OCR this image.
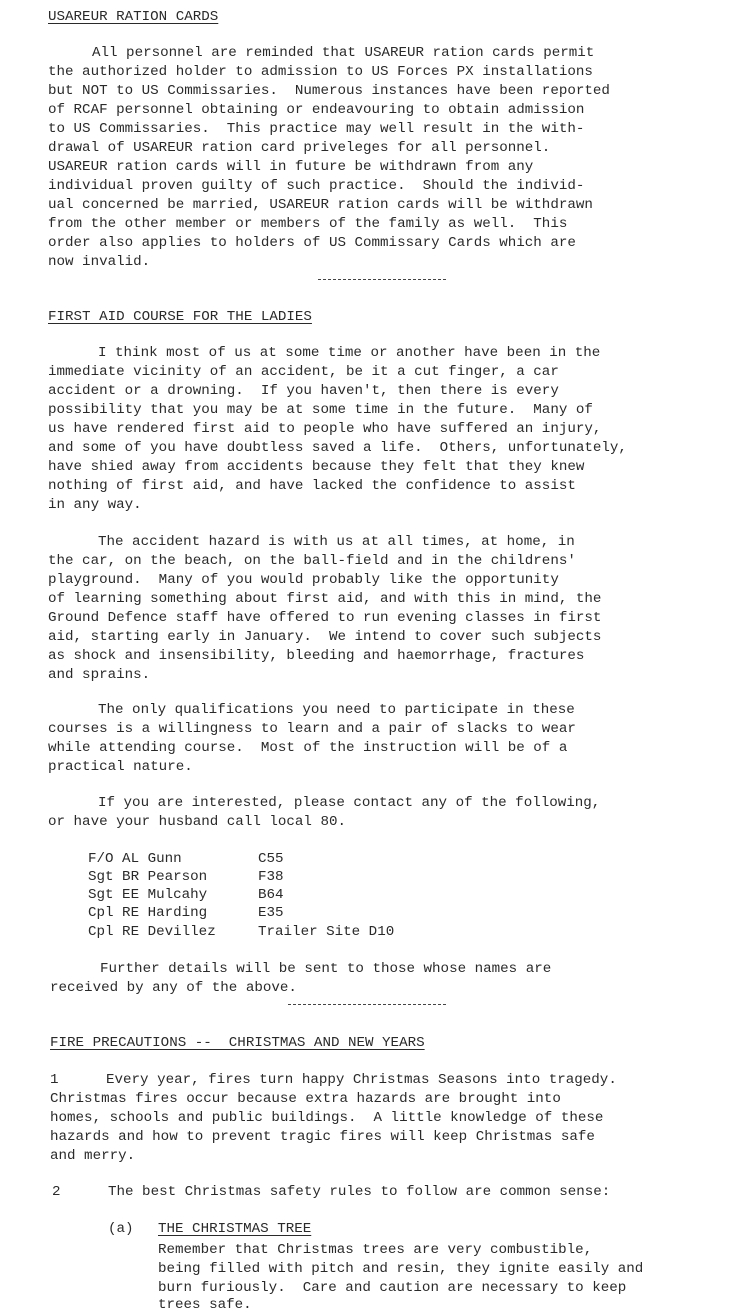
USAREUR RATION CARDS
All personnel are reminded that USAREUR ration cards permit
the authorized holder to admission to US Forces PX installations
but NOT to US Commissaries.  Numerous instances have been reported
of RCAF personnel obtaining or endeavouring to obtain admission
to US Commissaries.  This practice may well result in the with-
drawal of USAREUR ration card priveleges for all personnel.
USAREUR ration cards will in future be withdrawn from any
individual proven guilty of such practice.  Should the individ-
ual concerned be married, USAREUR ration cards will be withdrawn
from the other member or members of the family as well.  This
order also applies to holders of US Commissary Cards which are
now invalid.
FIRST AID COURSE FOR THE LADIES
I think most of us at some time or another have been in the
immediate vicinity of an accident, be it a cut finger, a car
accident or a drowning.  If you haven't, then there is every
possibility that you may be at some time in the future.  Many of
us have rendered first aid to people who have suffered an injury,
and some of you have doubtless saved a life.  Others, unfortunately,
have shied away from accidents because they felt that they knew
nothing of first aid, and have lacked the confidence to assist
in any way.
The accident hazard is with us at all times, at home, in
the car, on the beach, on the ball-field and in the childrens'
playground.  Many of you would probably like the opportunity
of learning something about first aid, and with this in mind, the
Ground Defence staff have offered to run evening classes in first
aid, starting early in January.  We intend to cover such subjects
as shock and insensibility, bleeding and haemorrhage, fractures
and sprains.
The only qualifications you need to participate in these
courses is a willingness to learn and a pair of slacks to wear
while attending course.  Most of the instruction will be of a
practical nature.
If you are interested, please contact any of the following,
or have your husband call local 80.
F/O AL Gunn	C55
Sgt BR Pearson	F38
Sgt EE Mulcahy	B64
Cpl RE Harding	E35
Cpl RE Devillez	Trailer Site D10
Further details will be sent to those whose names are
received by any of the above.
FIRE PRECAUTIONS --  CHRISTMAS AND NEW YEARS
1	Every year, fires turn happy Christmas Seasons into tragedy.
Christmas fires occur because extra hazards are brought into
homes, schools and public buildings.  A little knowledge of these
hazards and how to prevent tragic fires will keep Christmas safe
and merry.
2	The best Christmas safety rules to follow are common sense:
(a) THE CHRISTMAS TREE
Remember that Christmas trees are very combustible,
being filled with pitch and resin, they ignite easily and
burn furiously.  Care and caution are necessary to keep
trees safe.
